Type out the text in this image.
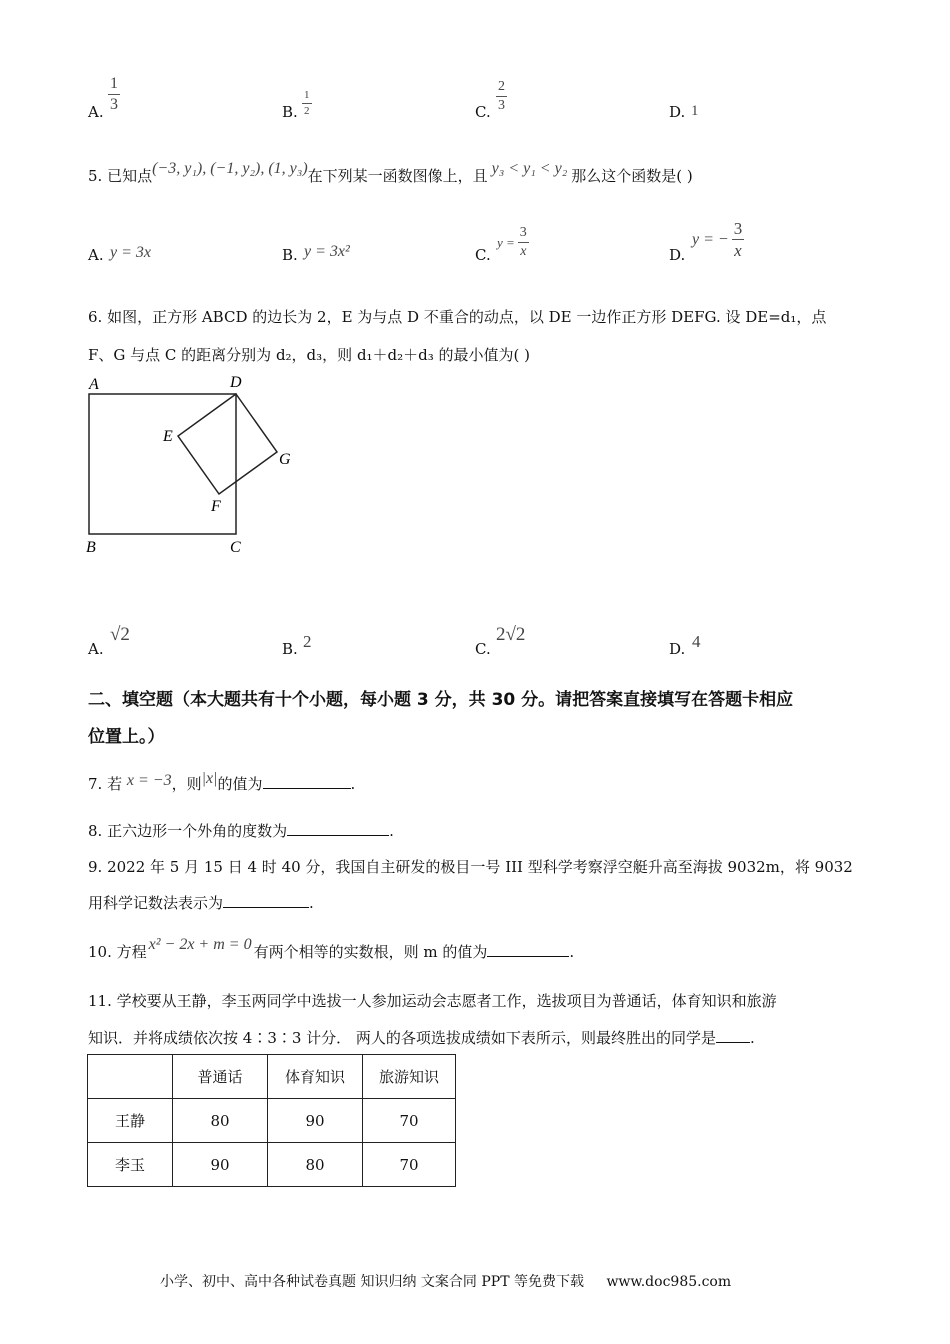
A. $\frac{1}{3}$	B. $\frac{1}{2}$	C. $\frac{2}{3}$	D. 1
5. 已知点(−3, y₁), (−1, y₂), (1, y₃)在下列某一函数图像上，且 y₃ < y₁ < y₂ 那么这个函数是( )
A. y = 3x	B. y = 3x²	C.
$y = \frac{3}{x}$	D.
y = − $\frac{3}{x}$
6. 如图，正方形 ABCD 的边长为 2，E 为与点 D 不重合的动点，以 DE 一边作正方形 DEFG. 设 DE=d₁，点
F、G 与点 C 的距离分别为 d₂，d₃，则 d₁＋d₂＋d₃ 的最小值为( )
A	D
E
G
F
B	C
A.
√2
B. 2	C.
2√2
D. 4
二、填空题（本大题共有十个小题，每小题 3 分，共 30 分。请把答案直接填写在答题卡相应
位置上。）
7. 若 x = −3，则|x|的值为	.
8. 正六边形一个外角的度数为	.
9. 2022 年 5 月 15 日 4 时 40 分，我国自主研发的极目一号 III 型科学考察浮空艇升高至海拔 9032m，将 9032
用科学记数法表示为	.
10. 方程 x² − 2x + m = 0 有两个相等的实数根，则 m 的值为	.
11. 学校要从王静，李玉两同学中选拔一人参加运动会志愿者工作，选拔项目为普通话，体育知识和旅游
知识．并将成绩依次按 4∶3∶3 计分． 两人的各项选拔成绩如下表所示，则最终胜出的同学是 .
	普通话	体育知识	旅游知识
王静	80	90	70
李玉	90	80	70
小学、初中、高中各种试卷真题 知识归纳 文案合同 PPT 等免费下载 www.doc985.com
